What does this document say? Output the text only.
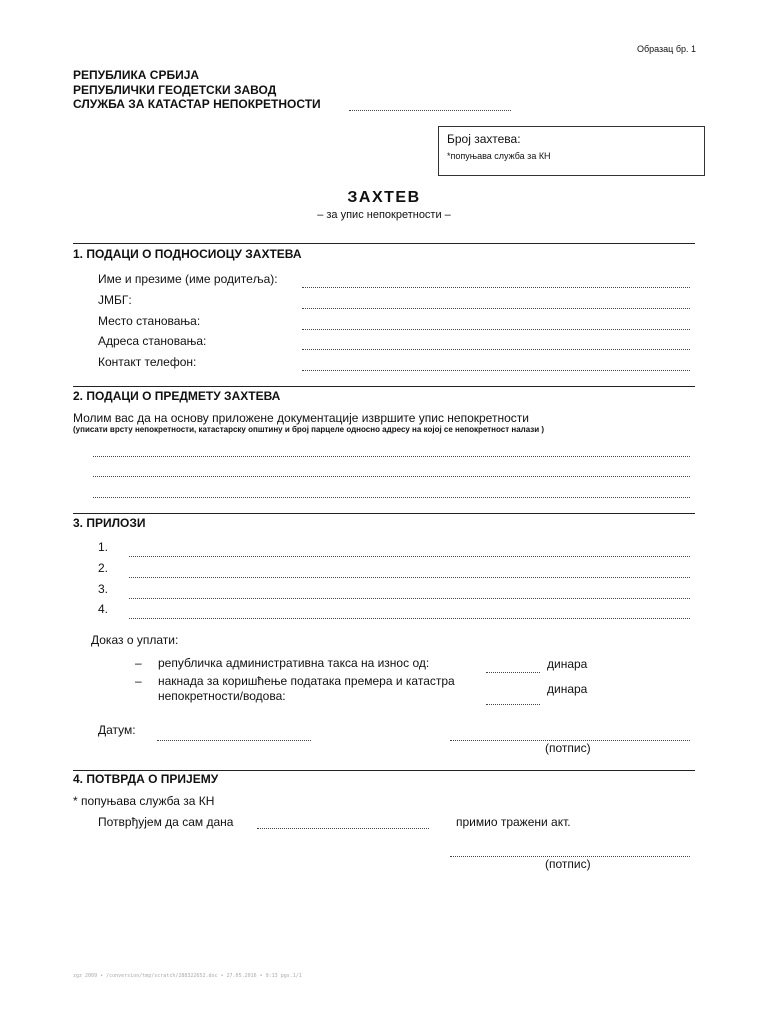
Образац бр. 1
РЕПУБЛИКА СРБИЈА
РЕПУБЛИЧКИ ГЕОДЕТСКИ ЗАВОД
СЛУЖБА ЗА КАТАСТАР НЕПОКРЕТНОСТИ
Број захтева:
*попуњава служба за КН
ЗАХТЕВ
– за упис непокретности –
1. ПОДАЦИ О ПОДНОСИОЦУ ЗАХТЕВА
Име и презиме (име родитеља):
ЈМБГ:
Место становања:
Адреса становања:
Контакт телефон:
2. ПОДАЦИ О ПРЕДМЕТУ ЗАХТЕВА
Молим вас да на основу приложене документације извршите упис непокретности
(уписати врсту непокретности, катастарску општину и број парцеле односно адресу на којој се непокретност налази )
3. ПРИЛОЗИ
1.
2.
3.
4.
Доказ о уплати:
– републичка административна такса на износ од:	динара
– накнада за коришћење података премера и катастра
непокретности/водова:	динара
Датум:
(потпис)
4. ПОТВРДА О ПРИЈЕМУ
* попуњава служба за КН
Потврђујем да сам дана	примио тражени акт.
(потпис)
zgz 2009 • /conversion/tmp/scratch/288322652.doc • 27.05.2016 • 9:13 pgs.1/1
